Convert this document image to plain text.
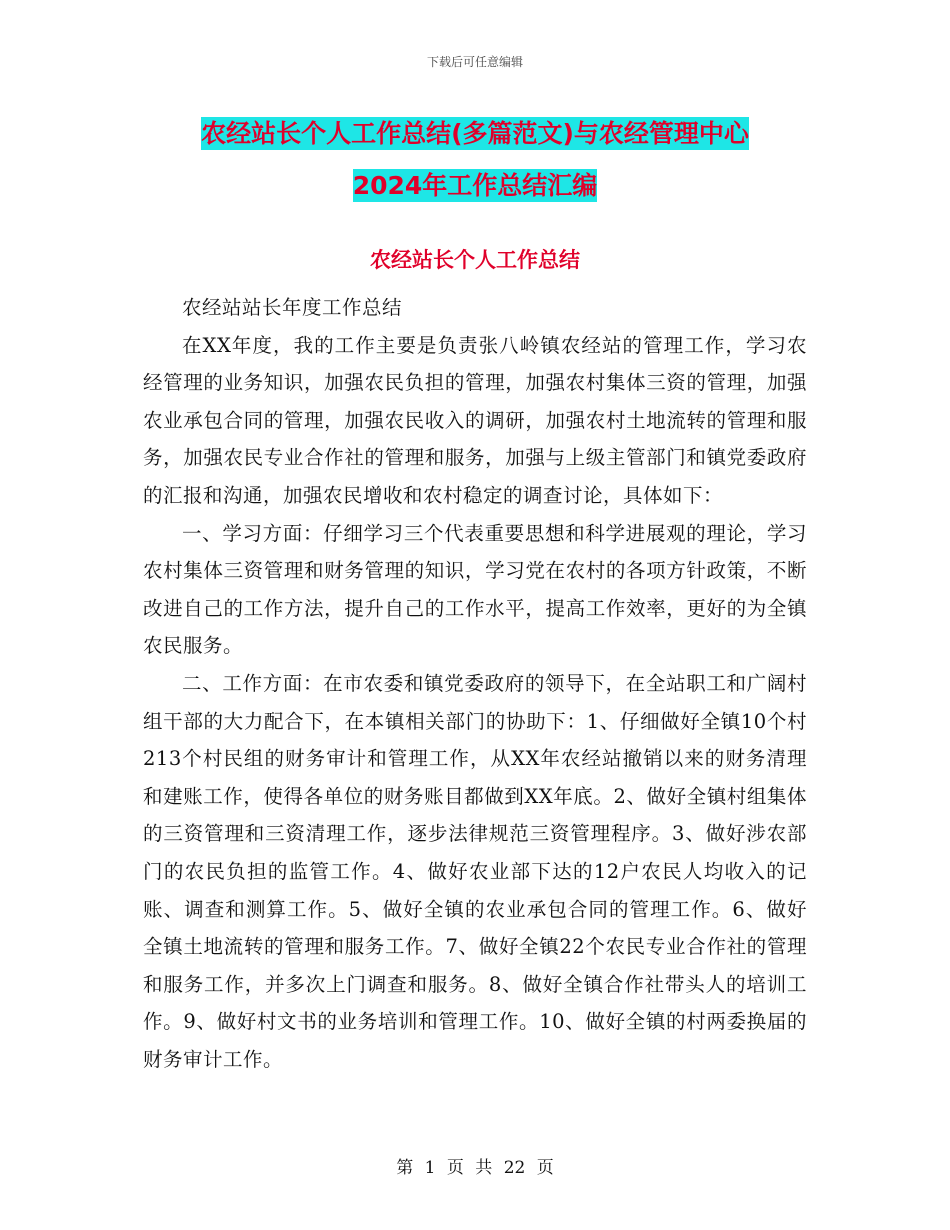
下载后可任意编辑
农经站长个人工作总结(多篇范文)与农经管理中心
2024年工作总结汇编
农经站长个人工作总结

农经站站长年度工作总结

在XX年度，我的工作主要是负责张八岭镇农经站的管理工作，学习农经管理的业务知识，加强农民负担的管理，加强农村集体三资的管理，加强农业承包合同的管理，加强农民收入的调研，加强农村土地流转的管理和服务，加强农民专业合作社的管理和服务，加强与上级主管部门和镇党委政府的汇报和沟通，加强农民增收和农村稳定的调查讨论，具体如下：

一、学习方面：仔细学习三个代表重要思想和科学进展观的理论，学习农村集体三资管理和财务管理的知识，学习党在农村的各项方针政策，不断改进自己的工作方法，提升自己的工作水平，提高工作效率，更好的为全镇农民服务。

二、工作方面：在市农委和镇党委政府的领导下，在全站职工和广阔村组干部的大力配合下，在本镇相关部门的协助下：1、仔细做好全镇10个村213个村民组的财务审计和管理工作，从XX年农经站撤销以来的财务清理和建账工作，使得各单位的财务账目都做到XX年底。2、做好全镇村组集体的三资管理和三资清理工作，逐步法律规范三资管理程序。3、做好涉农部门的农民负担的监管工作。4、做好农业部下达的12户农民人均收入的记账、调查和测算工作。5、做好全镇的农业承包合同的管理工作。6、做好全镇土地流转的管理和服务工作。7、做好全镇22个农民专业合作社的管理和服务工作，并多次上门调查和服务。8、做好全镇合作社带头人的培训工作。9、做好村文书的业务培训和管理工作。10、做好全镇的村两委换届的财务审计工作。

第 1 页 共 22 页
